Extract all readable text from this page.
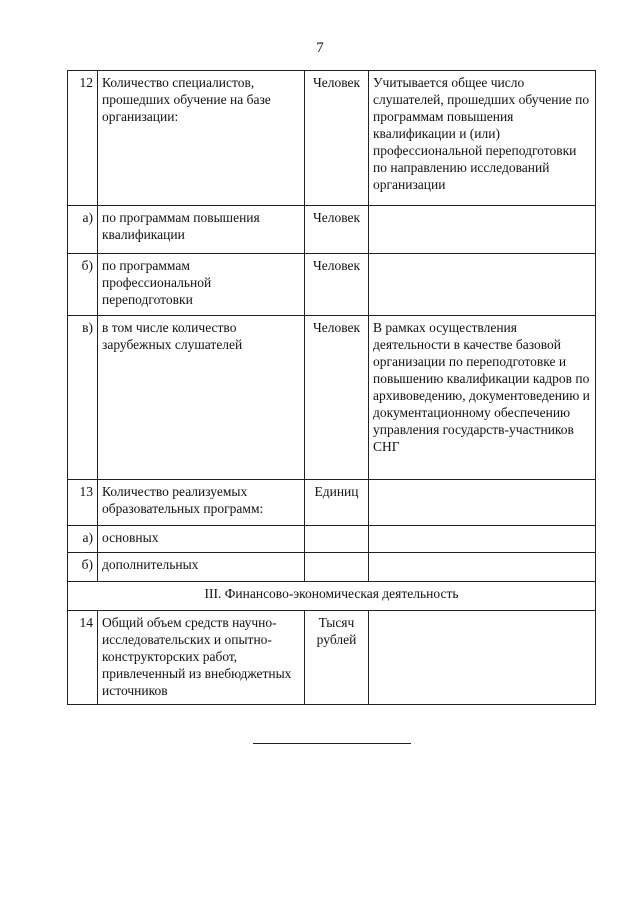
7
12	Количество специалистов, прошедших обучение на базе организации:	Человек	Учитывается общее число слушателей, прошедших обучение по программам повышения квалификации и (или) профессиональной переподготовки по направлению исследований организации
а)	по программам повышения квалификации	Человек	
б)	по программам профессиональной переподготовки	Человек	
в)	в том числе количество зарубежных слушателей	Человек	В рамках осуществления деятельности в качестве базовой организации по переподготовке и повышению квалификации кадров по архивоведению, документоведению и документационному обеспечению управления государств-участников СНГ
13	Количество реализуемых образовательных программ:	Единиц	
а)	основных		
б)	дополнительных		
III. Финансово-экономическая деятельность			
14	Общий объем средств научно-исследовательских и опытно-конструкторских работ, привлеченный из внебюджетных источников	Тысяч рублей	
